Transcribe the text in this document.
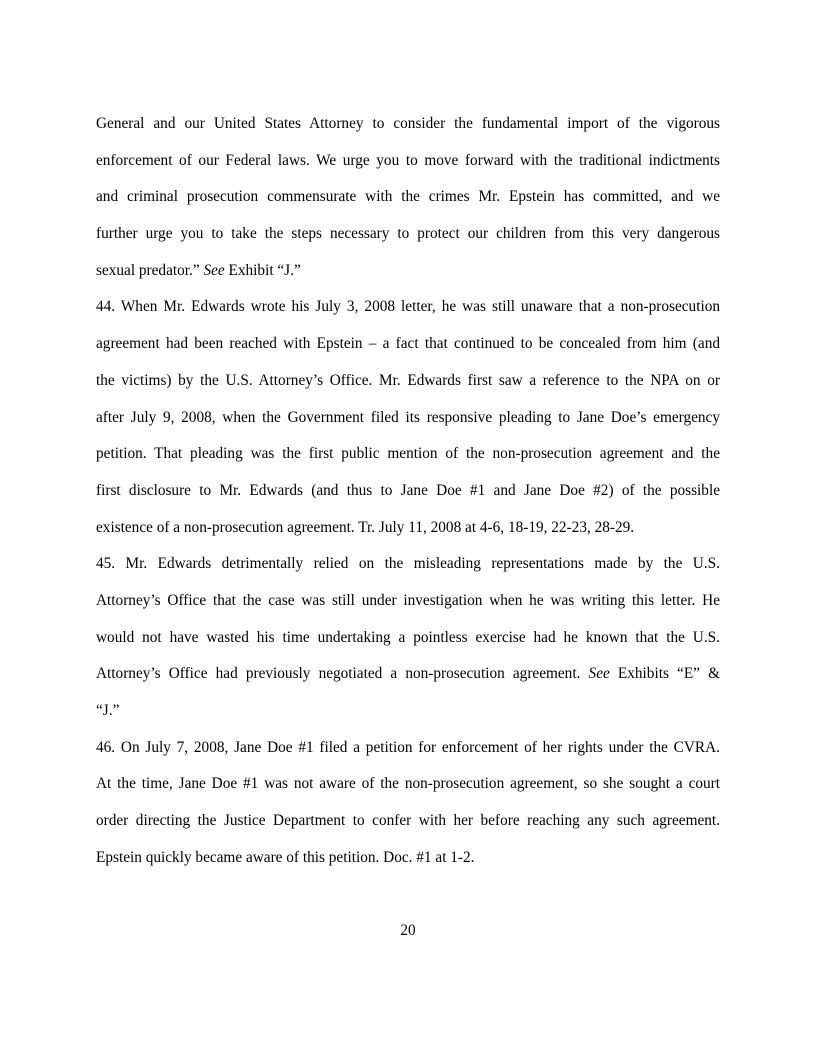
General and our United States Attorney to consider the fundamental import of the vigorous
enforcement of our Federal laws. We urge you to move forward with the traditional indictments
and criminal prosecution commensurate with the crimes Mr. Epstein has committed, and we
further urge you to take the steps necessary to protect our children from this very dangerous
sexual predator.” See Exhibit “J.”
44. When Mr. Edwards wrote his July 3, 2008 letter, he was still unaware that a non-prosecution
agreement had been reached with Epstein – a fact that continued to be concealed from him (and
the victims) by the U.S. Attorney’s Office. Mr. Edwards first saw a reference to the NPA on or
after July 9, 2008, when the Government filed its responsive pleading to Jane Doe’s emergency
petition. That pleading was the first public mention of the non-prosecution agreement and the
first disclosure to Mr. Edwards (and thus to Jane Doe #1 and Jane Doe #2) of the possible
existence of a non-prosecution agreement. Tr. July 11, 2008 at 4-6, 18-19, 22-23, 28-29.
45. Mr. Edwards detrimentally relied on the misleading representations made by the U.S.
Attorney’s Office that the case was still under investigation when he was writing this letter. He
would not have wasted his time undertaking a pointless exercise had he known that the U.S.
Attorney’s Office had previously negotiated a non-prosecution agreement. See Exhibits “E” &
“J.”
46. On July 7, 2008, Jane Doe #1 filed a petition for enforcement of her rights under the CVRA.
At the time, Jane Doe #1 was not aware of the non-prosecution agreement, so she sought a court
order directing the Justice Department to confer with her before reaching any such agreement.
Epstein quickly became aware of this petition. Doc. #1 at 1-2.
20
